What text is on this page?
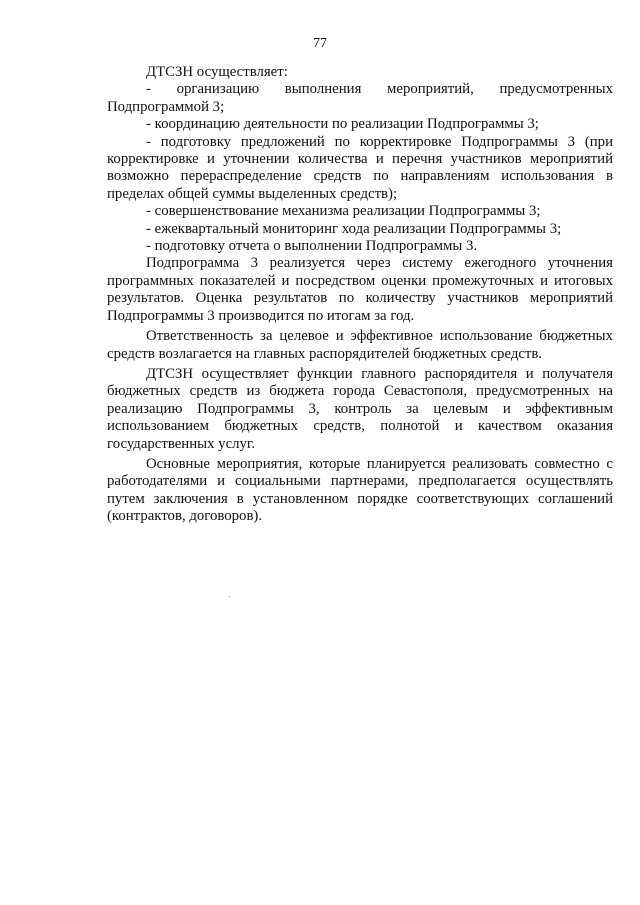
77

ДТСЗН осуществляет:

- организацию выполнения мероприятий, предусмотренных Подпрограммой 3;

- координацию деятельности по реализации Подпрограммы 3;

- подготовку предложений по корректировке Подпрограммы 3 (при корректировке и уточнении количества и перечня участников мероприятий возможно перераспределение средств по направлениям использования в пределах общей суммы выделенных средств);

- совершенствование механизма реализации Подпрограммы 3;

- ежеквартальный мониторинг хода реализации Подпрограммы 3;

- подготовку отчета о выполнении Подпрограммы 3.

Подпрограмма 3 реализуется через систему ежегодного уточнения программных показателей и посредством оценки промежуточных и итоговых результатов. Оценка результатов по количеству участников мероприятий Подпрограммы 3 производится по итогам за год.

Ответственность за целевое и эффективное использование бюджетных средств возлагается на главных распорядителей бюджетных средств.

ДТСЗН осуществляет функции главного распорядителя и получателя бюджетных средств из бюджета города Севастополя, предусмотренных на реализацию Подпрограммы 3, контроль за целевым и эффективным использованием бюджетных средств, полнотой и качеством оказания государственных услуг.

Основные мероприятия, которые планируется реализовать совместно с работодателями и социальными партнерами, предполагается осуществлять путем заключения в установленном порядке соответствующих соглашений (контрактов, договоров).
